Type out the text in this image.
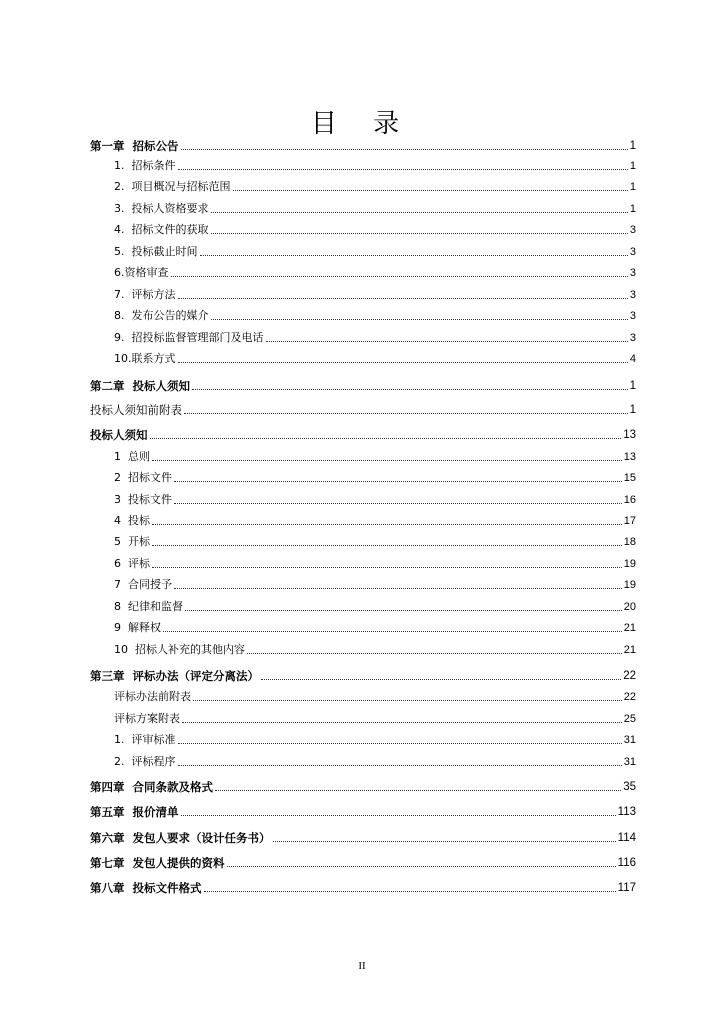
目 录
第一章  招标公告	1
1.  招标条件	1
2.  项目概况与招标范围	1
3.  投标人资格要求	1
4.  招标文件的获取	3
5.  投标截止时间	3
6.资格审查	3
7.  评标方法	3
8.  发布公告的媒介	3
9.  招投标监督管理部门及电话	3
10.联系方式	4
第二章  投标人须知	1
投标人须知前附表	1
投标人须知	13
1  总则	13
2  招标文件	15
3  投标文件	16
4  投标	17
5  开标	18
6  评标	19
7  合同授予	19
8  纪律和监督	20
9  解释权	21
10  招标人补充的其他内容	21
第三章  评标办法（评定分离法）	22
评标办法前附表	22
评标方案附表	25
1.  评审标准	31
2.  评标程序	31
第四章  合同条款及格式	35
第五章  报价清单	113
第六章  发包人要求（设计任务书）	114
第七章  发包人提供的资料	116
第八章  投标文件格式	117
II
